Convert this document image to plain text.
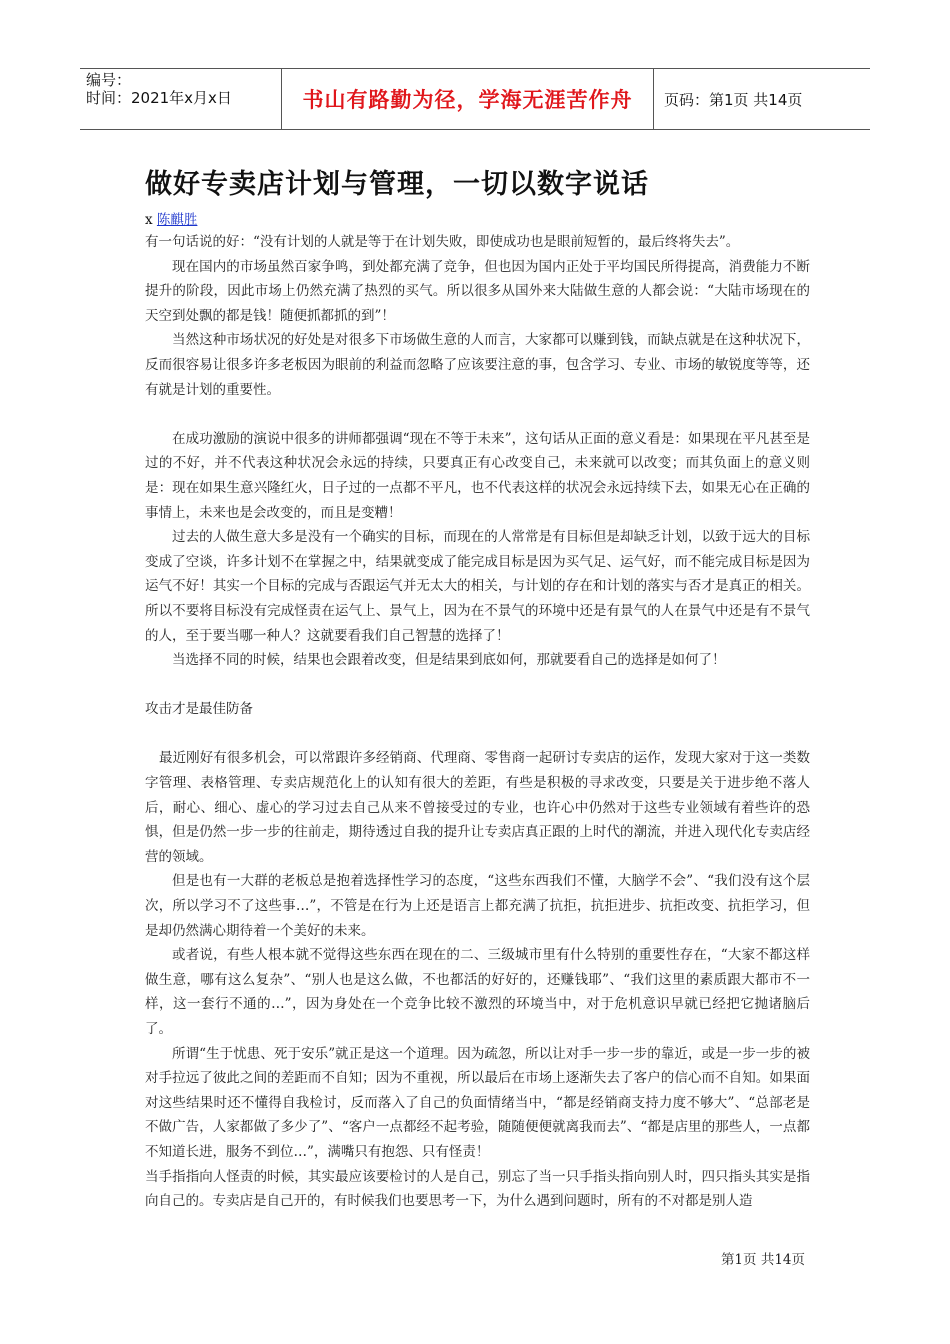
编号：
时间：2021年x月x日	书山有路勤为径，学海无涯苦作舟	页码：第1页 共14页
做好专卖店计划与管理，一切以数字说话
x 陈麒胜

有一句话说的好：“没有计划的人就是等于在计划失败，即使成功也是眼前短暂的，最后终将失去”。

现在国内的市场虽然百家争鸣，到处都充满了竞争，但也因为国内正处于平均国民所得提高，消费能力不断提升的阶段，因此市场上仍然充满了热烈的买气。所以很多从国外来大陆做生意的人都会说：“大陆市场现在的天空到处飘的都是钱！随便抓都抓的到”！

当然这种市场状况的好处是对很多下市场做生意的人而言，大家都可以赚到钱，而缺点就是在这种状况下，反而很容易让很多许多老板因为眼前的利益而忽略了应该要注意的事，包含学习、专业、市场的敏锐度等等，还有就是计划的重要性。

在成功激励的演说中很多的讲师都强调“现在不等于未来”，这句话从正面的意义看是：如果现在平凡甚至是过的不好，并不代表这种状况会永远的持续，只要真正有心改变自己，未来就可以改变；而其负面上的意义则是：现在如果生意兴隆红火，日子过的一点都不平凡，也不代表这样的状况会永远持续下去，如果无心在正确的事情上，未来也是会改变的，而且是变糟！

过去的人做生意大多是没有一个确实的目标，而现在的人常常是有目标但是却缺乏计划，以致于远大的目标变成了空谈，许多计划不在掌握之中，结果就变成了能完成目标是因为买气足、运气好，而不能完成目标是因为运气不好！其实一个目标的完成与否跟运气并无太大的相关，与计划的存在和计划的落实与否才是真正的相关。所以不要将目标没有完成怪责在运气上、景气上，因为在不景气的环境中还是有景气的人在景气中还是有不景气的人，至于要当哪一种人？这就要看我们自己智慧的选择了！

当选择不同的时候，结果也会跟着改变，但是结果到底如何，那就要看自己的选择是如何了！

攻击才是最佳防备

最近刚好有很多机会，可以常跟许多经销商、代理商、零售商一起研讨专卖店的运作，发现大家对于这一类数字管理、表格管理、专卖店规范化上的认知有很大的差距，有些是积极的寻求改变，只要是关于进步绝不落人后，耐心、细心、虚心的学习过去自己从来不曾接受过的专业，也许心中仍然对于这些专业领域有着些许的恐惧，但是仍然一步一步的往前走，期待透过自我的提升让专卖店真正跟的上时代的潮流，并进入现代化专卖店经营的领域。

但是也有一大群的老板总是抱着选择性学习的态度，“这些东西我们不懂，大脑学不会”、“我们没有这个层次，所以学习不了这些事…”，不管是在行为上还是语言上都充满了抗拒，抗拒进步、抗拒改变、抗拒学习，但是却仍然满心期待着一个美好的未来。

或者说，有些人根本就不觉得这些东西在现在的二、三级城市里有什么特别的重要性存在，“大家不都这样做生意，哪有这么复杂”、“别人也是这么做，不也都活的好好的，还赚钱耶”、“我们这里的素质跟大都市不一样，这一套行不通的…”，因为身处在一个竞争比较不激烈的环境当中，对于危机意识早就已经把它抛诸脑后了。

所谓“生于忧患、死于安乐”就正是这一个道理。因为疏忽，所以让对手一步一步的靠近，或是一步一步的被对手拉远了彼此之间的差距而不自知；因为不重视，所以最后在市场上逐渐失去了客户的信心而不自知。如果面对这些结果时还不懂得自我检讨，反而落入了自己的负面情绪当中，“都是经销商支持力度不够大”、“总部老是不做广告，人家都做了多少了”、“客户一点都经不起考验，随随便便就离我而去”、“都是店里的那些人，一点都不知道长进，服务不到位…”，满嘴只有抱怨、只有怪责！

当手指指向人怪责的时候，其实最应该要检讨的人是自己，别忘了当一只手指头指向别人时，四只指头其实是指向自己的。专卖店是自己开的，有时候我们也要思考一下，为什么遇到问题时，所有的不对都是别人造

第1页 共14页
